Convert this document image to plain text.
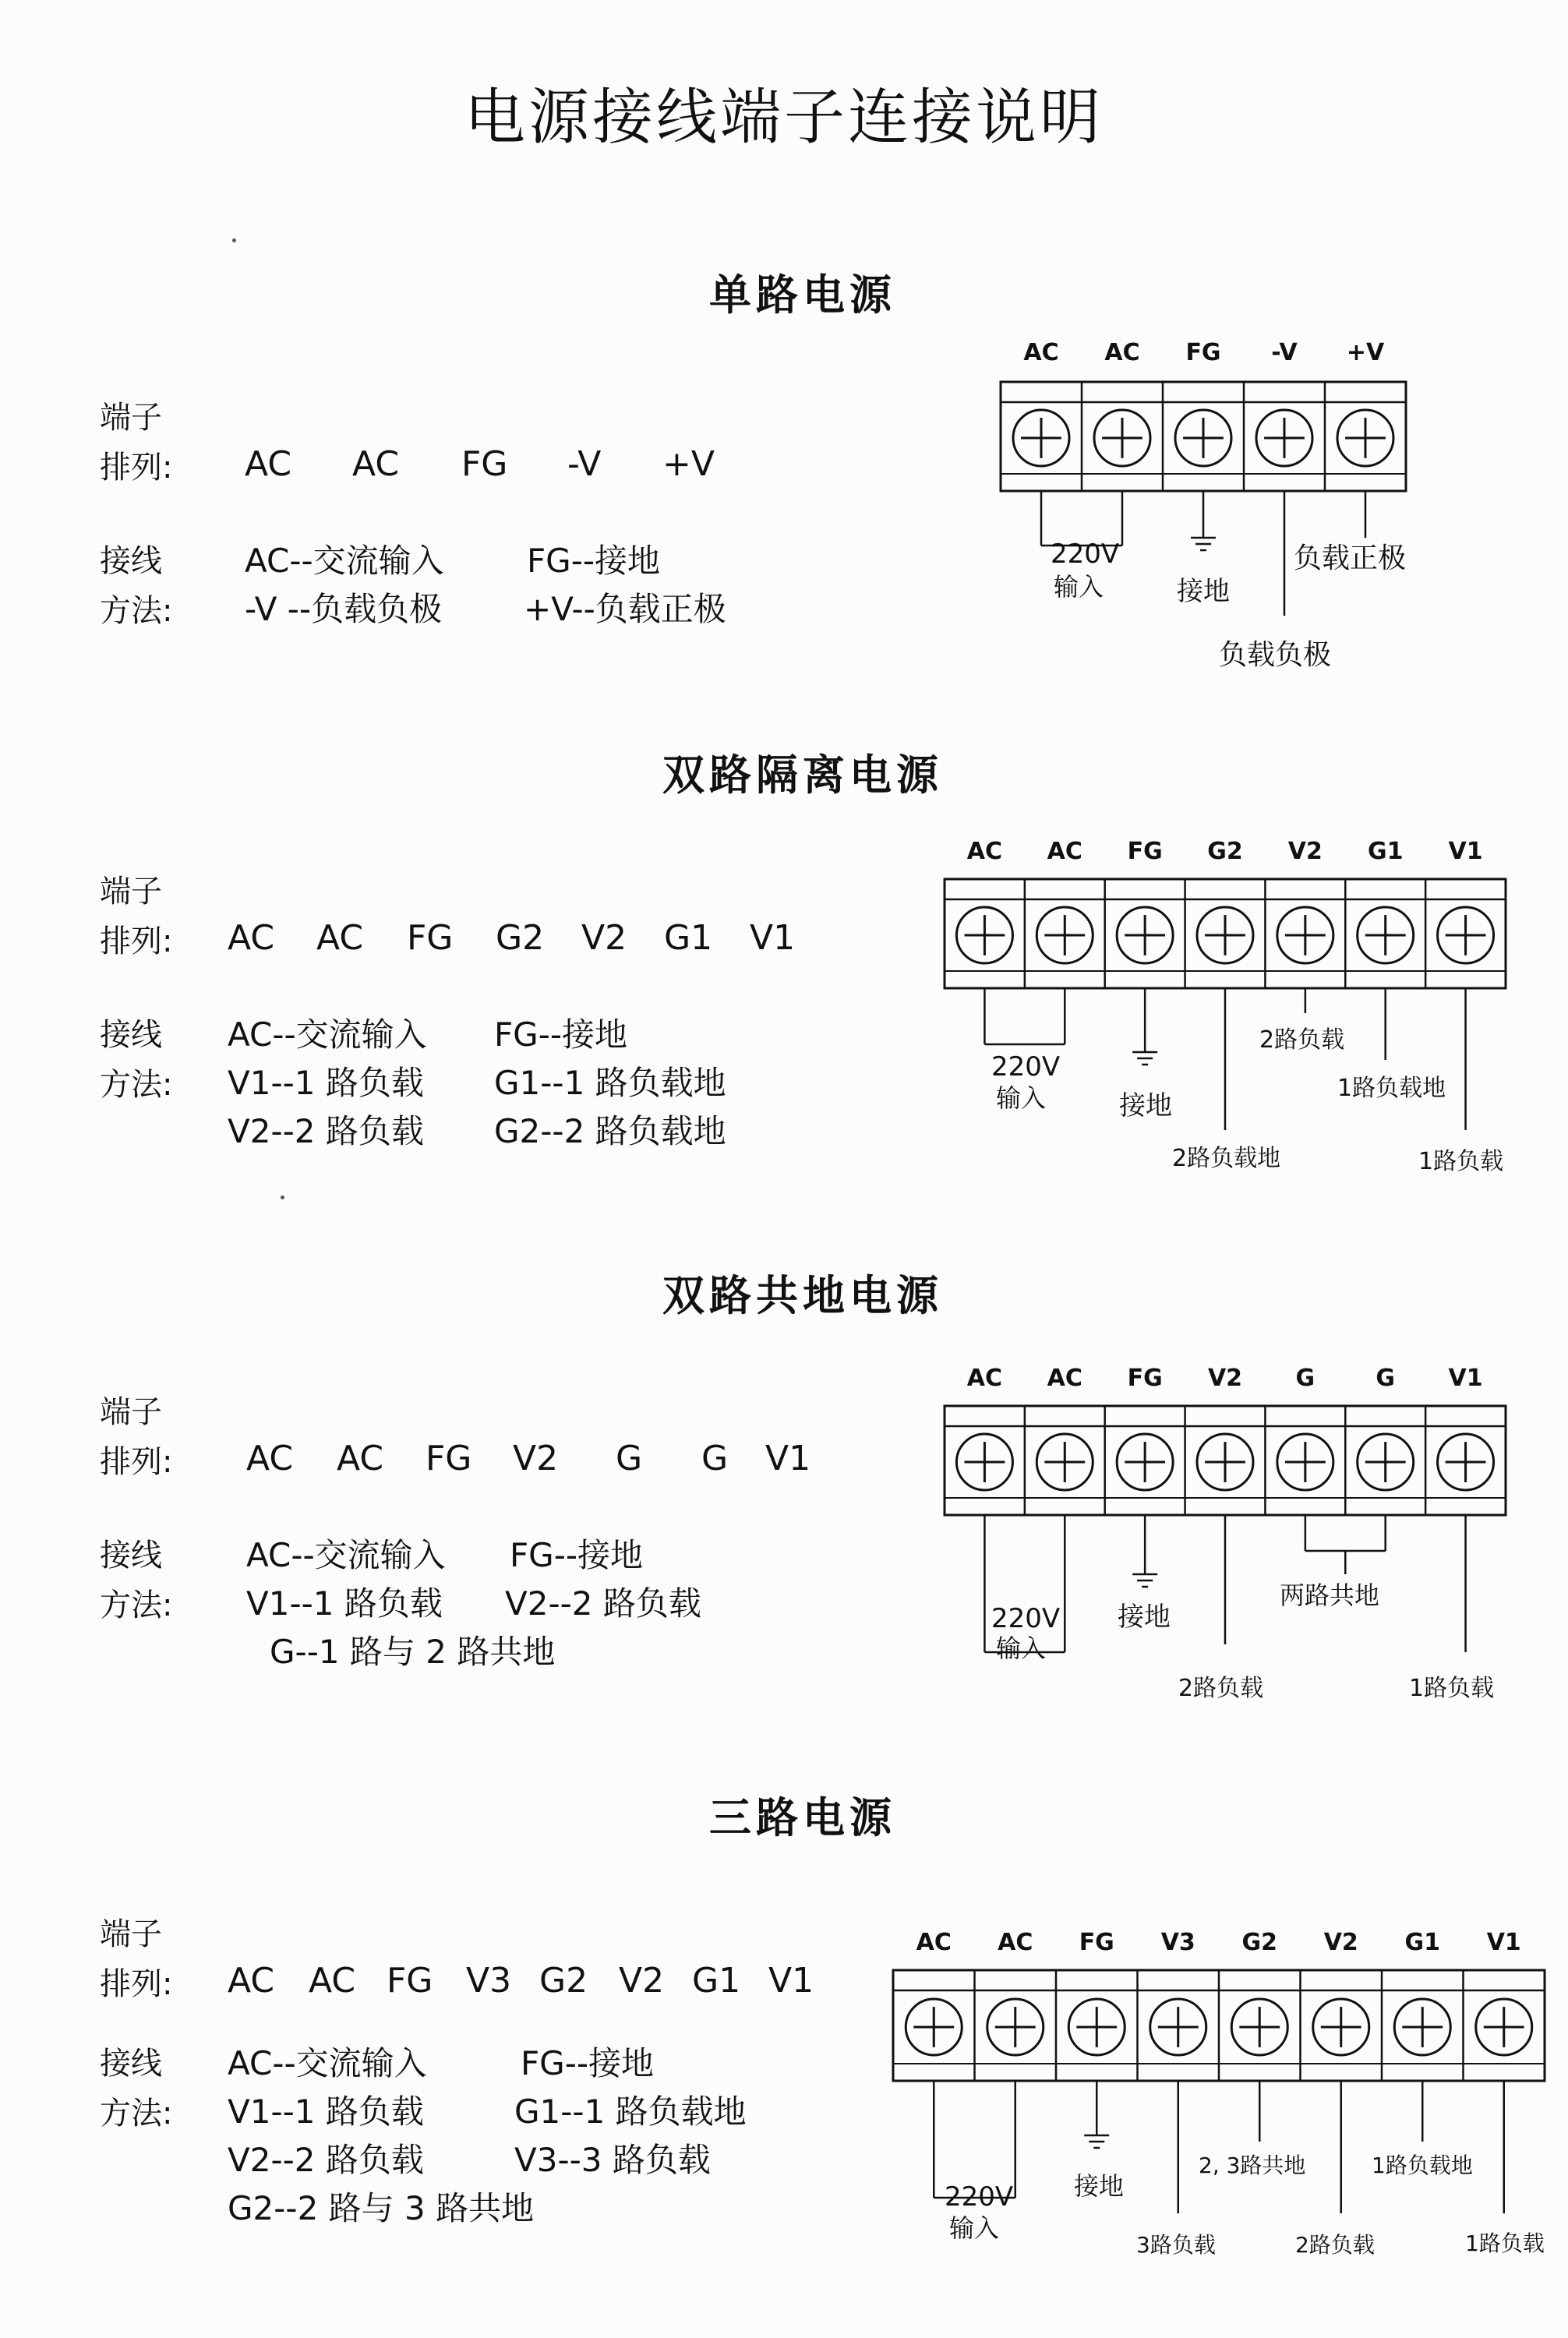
电源接线端子连接说明
单路电源
端子
排列: AC AC FG -V +V
接线
方法:
AC--交流输入	FG--接地
-V --负载负极 +V--负载正极
双路隔离电源
端子
排列: AC AC FG G2 V2 G1 V1
接线
方法:
AC--交流输入 FG--接地
V1--1 路负载 G1--1 路负载地
V2--2 路负载 G2--2 路负载地
双路共地电源
端子
排列: AC AC FG V2 G G V1
接线
方法:
AC--交流输入 FG--接地
V1--1 路负载 V2--2 路负载
G--1 路与 2 路共地
三路电源
端子
排列: AC AC FG V3 G2 V2 G1 V1
接线
方法:
AC--交流输入	FG--接地
V1--1 路负载	G1--1 路负载地
V2--2 路负载	V3--3 路负载
G2--2 路与 3 路共地
AC AC FG -V +V
AC AC FG G2 V2 G1 V1
AC AC FG V2 G	G V1
AC AC FG V3 G2 V2 G1 V1
220V
输入	接地
负载正极
负载负极
220V
输入	接地
2路负载
1路负载地
2路负载地	1路负载
220V
输入
接地
两路共地
2路负载	1路负载
220V
输入
接地
2, 3路共地	1路负载地
3路负载	2路负载	1路负载
